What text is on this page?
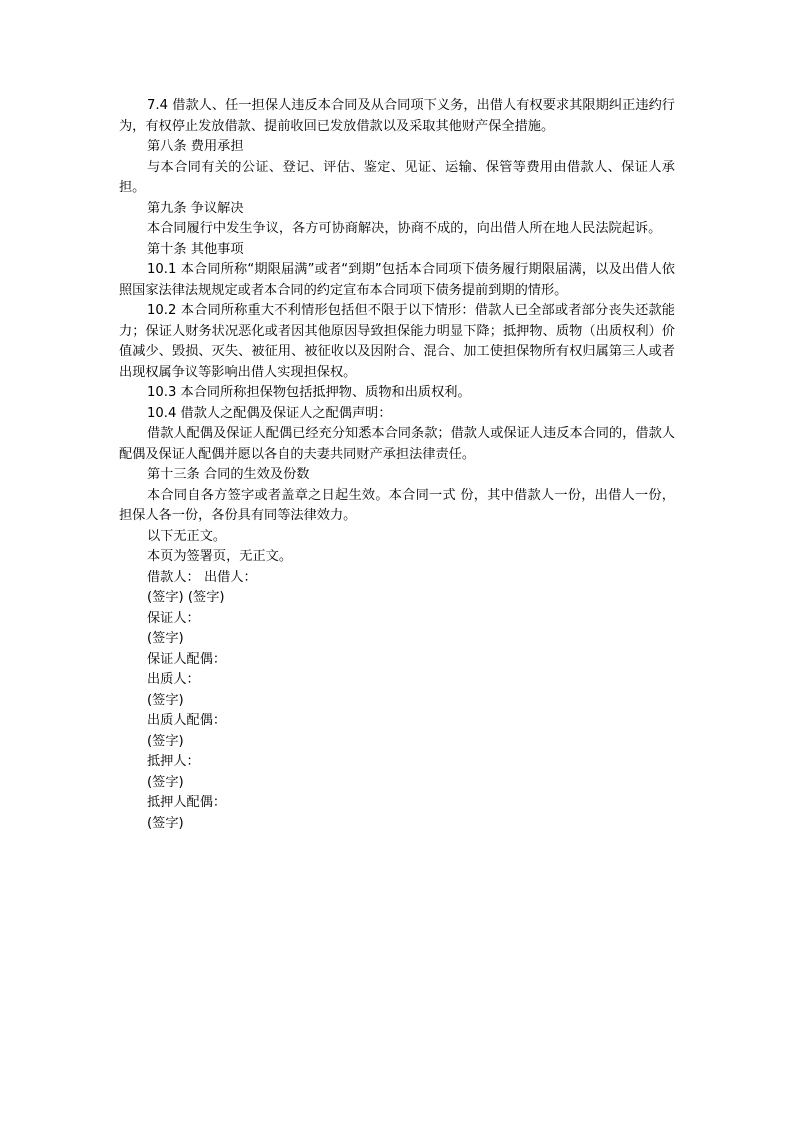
7.4 借款人、任一担保人违反本合同及从合同项下义务，出借人有权要求其限期纠正违约行为，有权停止发放借款、提前收回已发放借款以及采取其他财产保全措施。

第八条 费用承担

与本合同有关的公证、登记、评估、鉴定、见证、运输、保管等费用由借款人、保证人承担。

第九条 争议解决

本合同履行中发生争议，各方可协商解决，协商不成的，向出借人所在地人民法院起诉。

第十条 其他事项

10.1 本合同所称“期限届满”或者“到期”包括本合同项下债务履行期限届满，以及出借人依照国家法律法规规定或者本合同的约定宣布本合同项下债务提前到期的情形。

10.2 本合同所称重大不利情形包括但不限于以下情形：借款人已全部或者部分丧失还款能力；保证人财务状况恶化或者因其他原因导致担保能力明显下降；抵押物、质物（出质权利）价值减少、毁损、灭失、被征用、被征收以及因附合、混合、加工使担保物所有权归属第三人或者出现权属争议等影响出借人实现担保权。

10.3 本合同所称担保物包括抵押物、质物和出质权利。

10.4 借款人之配偶及保证人之配偶声明：

借款人配偶及保证人配偶已经充分知悉本合同条款；借款人或保证人违反本合同的，借款人配偶及保证人配偶并愿以各自的夫妻共同财产承担法律责任。

第十三条 合同的生效及份数

本合同自各方签字或者盖章之日起生效。本合同一式 份，其中借款人一份，出借人一份，担保人各一份，各份具有同等法律效力。

以下无正文。

本页为签署页，无正文。

借款人： 出借人：
(签字) (签字)
保证人：
(签字)
保证人配偶：
出质人：
(签字)
出质人配偶：
(签字)
抵押人：
(签字)
抵押人配偶：
(签字)
